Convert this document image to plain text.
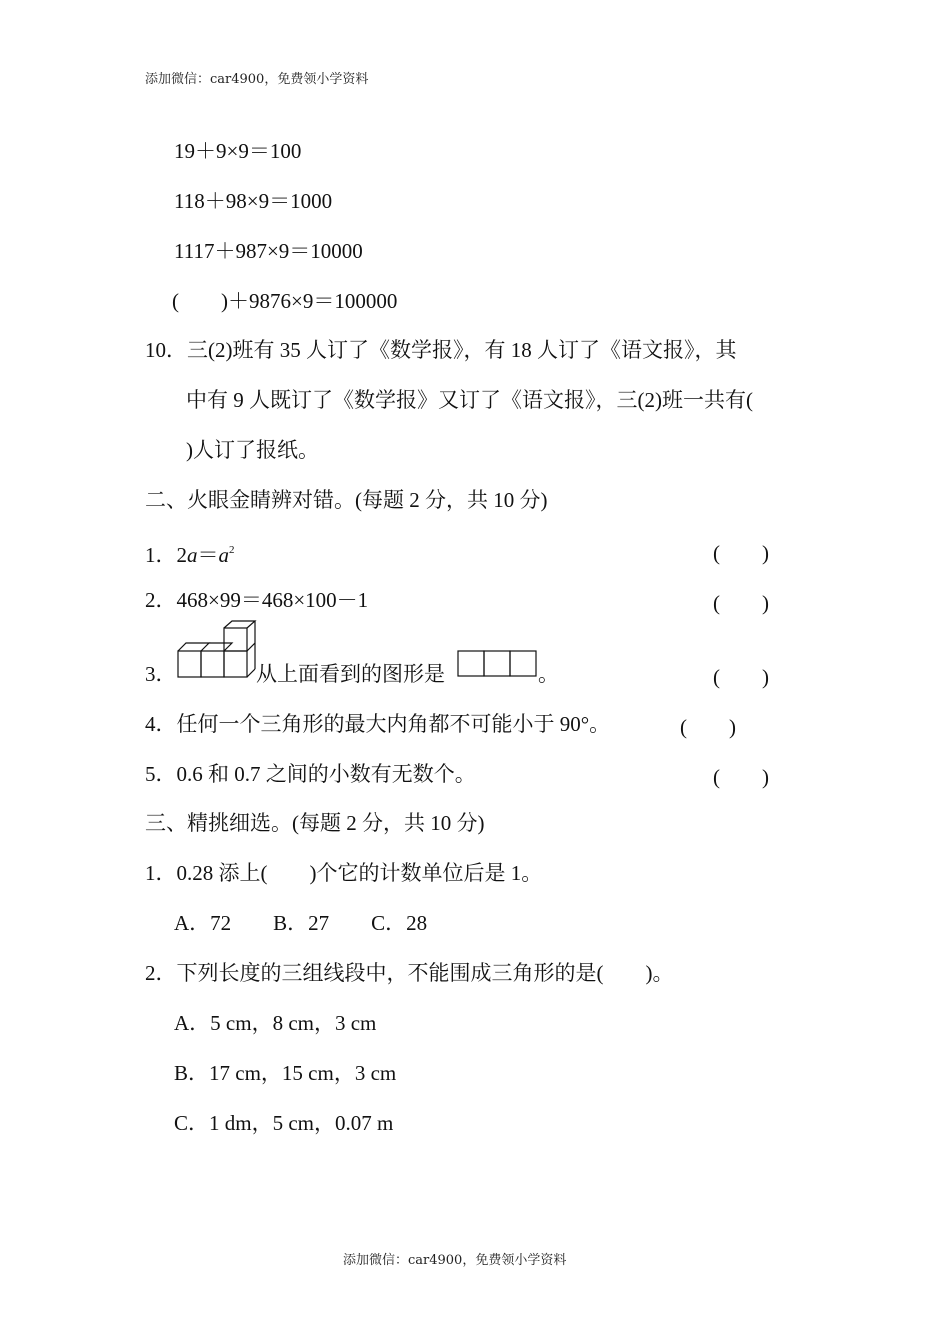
添加微信：car4900，免费领小学资料
19＋9×9＝100
118＋98×9＝1000
1117＋987×9＝10000
(　　)＋9876×9＝100000
10．三(2)班有 35 人订了《数学报》，有 18 人订了《语文报》，其
中有 9 人既订了《数学报》又订了《语文报》，三(2)班一共有(
)人订了报纸。
二、火眼金睛辨对错。(每题 2 分，共 10 分)
1．$2a=a^2$	(　　)
2．468×99＝468×100－1	(　　)
3．	从上面看到的图形是	。	(　　)
4．任何一个三角形的最大内角都不可能小于 90°。	(　　)
5．0.6 和 0.7 之间的小数有无数个。	(　　)
三、精挑细选。(每题 2 分，共 10 分)
1．0.28 添上(　　)个它的计数单位后是 1。
A．72　　B．27　　C．28
2．下列长度的三组线段中，不能围成三角形的是(　　)。
A．5 cm，8 cm，3 cm
B．17 cm，15 cm，3 cm
C．1 dm，5 cm，0.07 m
添加微信：car4900，免费领小学资料
